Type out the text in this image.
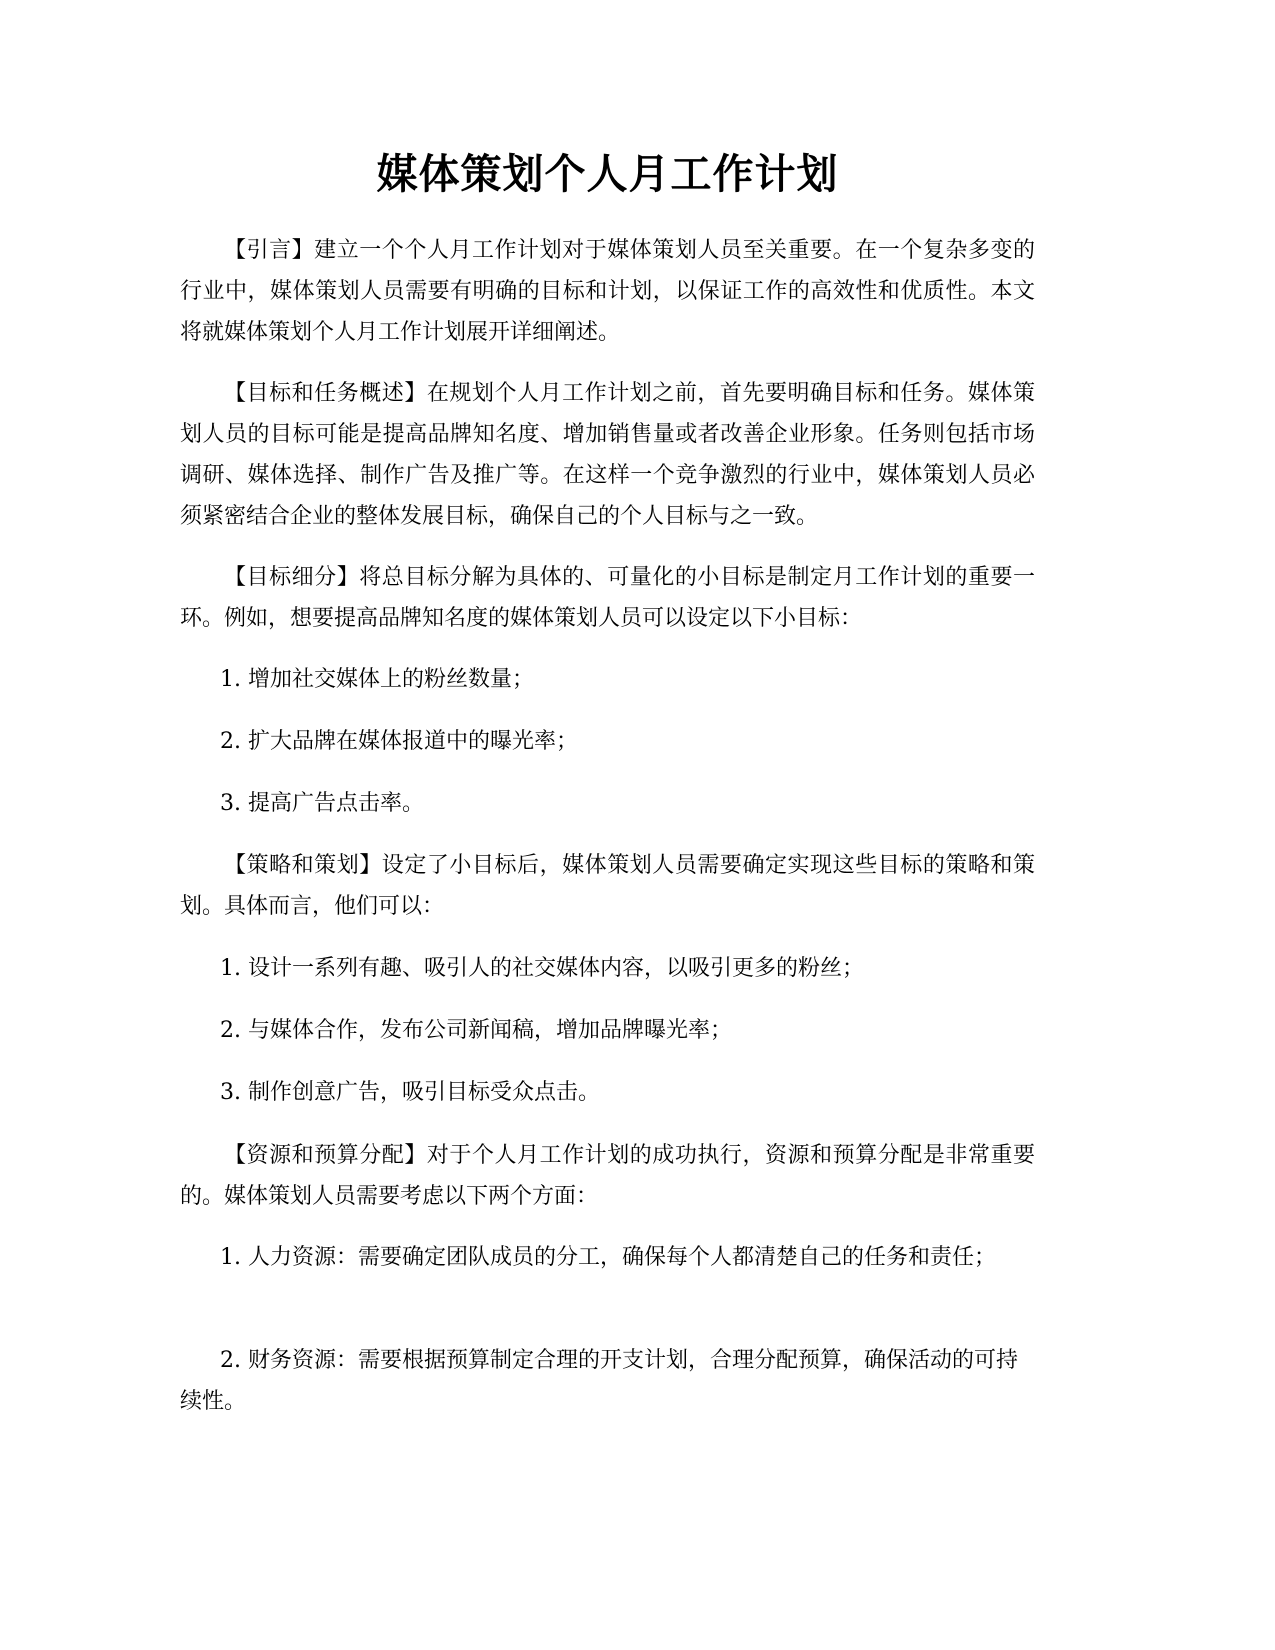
媒体策划个人月工作计划

【引言】建立一个个人月工作计划对于媒体策划人员至关重要。在一个复杂多变的行业中，媒体策划人员需要有明确的目标和计划，以保证工作的高效性和优质性。本文将就媒体策划个人月工作计划展开详细阐述。

【目标和任务概述】在规划个人月工作计划之前，首先要明确目标和任务。媒体策划人员的目标可能是提高品牌知名度、增加销售量或者改善企业形象。任务则包括市场调研、媒体选择、制作广告及推广等。在这样一个竞争激烈的行业中，媒体策划人员必须紧密结合企业的整体发展目标，确保自己的个人目标与之一致。

【目标细分】将总目标分解为具体的、可量化的小目标是制定月工作计划的重要一环。例如，想要提高品牌知名度的媒体策划人员可以设定以下小目标：

1. 增加社交媒体上的粉丝数量；

2. 扩大品牌在媒体报道中的曝光率；

3. 提高广告点击率。

【策略和策划】设定了小目标后，媒体策划人员需要确定实现这些目标的策略和策划。具体而言，他们可以：

1. 设计一系列有趣、吸引人的社交媒体内容，以吸引更多的粉丝；

2. 与媒体合作，发布公司新闻稿，增加品牌曝光率；

3. 制作创意广告，吸引目标受众点击。

【资源和预算分配】对于个人月工作计划的成功执行，资源和预算分配是非常重要的。媒体策划人员需要考虑以下两个方面：

1. 人力资源：需要确定团队成员的分工，确保每个人都清楚自己的任务和责任；

2. 财务资源：需要根据预算制定合理的开支计划，合理分配预算，确保活动的可持续性。
